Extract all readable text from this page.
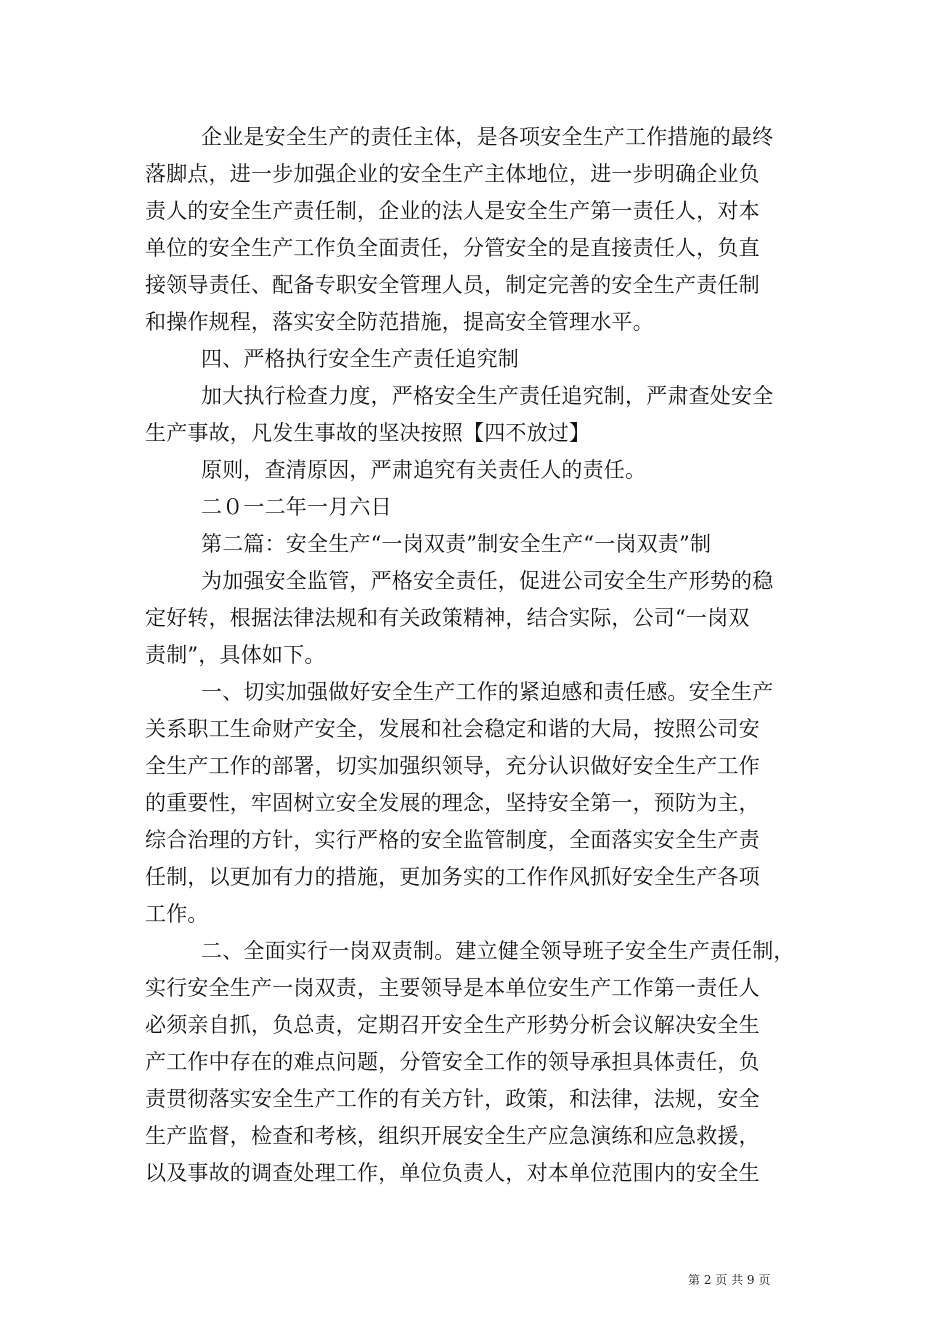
企业是安全生产的责任主体，是各项安全生产工作措施的最终
落脚点，进一步加强企业的安全生产主体地位，进一步明确企业负
责人的安全生产责任制，企业的法人是安全生产第一责任人，对本
单位的安全生产工作负全面责任，分管安全的是直接责任人，负直
接领导责任、配备专职安全管理人员，制定完善的安全生产责任制
和操作规程，落实安全防范措施，提高安全管理水平。
四、严格执行安全生产责任追究制
加大执行检查力度，严格安全生产责任追究制，严肃查处安全
生产事故，凡发生事故的坚决按照【四不放过】
原则，查清原因，严肃追究有关责任人的责任。
二０一二年一月六日
第二篇：安全生产“一岗双责”制安全生产“一岗双责”制
为加强安全监管，严格安全责任，促进公司安全生产形势的稳
定好转，根据法律法规和有关政策精神，结合实际，公司“一岗双
责制”，具体如下。
一、切实加强做好安全生产工作的紧迫感和责任感。安全生产
关系职工生命财产安全，发展和社会稳定和谐的大局，按照公司安
全生产工作的部署，切实加强织领导，充分认识做好安全生产工作
的重要性，牢固树立安全发展的理念，坚持安全第一，预防为主，
综合治理的方针，实行严格的安全监管制度，全面落实安全生产责
任制，以更加有力的措施，更加务实的工作作风抓好安全生产各项
工作。
二、全面实行一岗双责制。建立健全领导班子安全生产责任制，
实行安全生产一岗双责，主要领导是本单位安生产工作第一责任人
必须亲自抓，负总责，定期召开安全生产形势分析会议解决安全生
产工作中存在的难点问题，分管安全工作的领导承担具体责任，负
责贯彻落实安全生产工作的有关方针，政策，和法律，法规，安全
生产监督，检查和考核，组织开展安全生产应急演练和应急救援，
以及事故的调查处理工作，单位负责人，对本单位范围内的安全生
第 2 页 共 9 页
